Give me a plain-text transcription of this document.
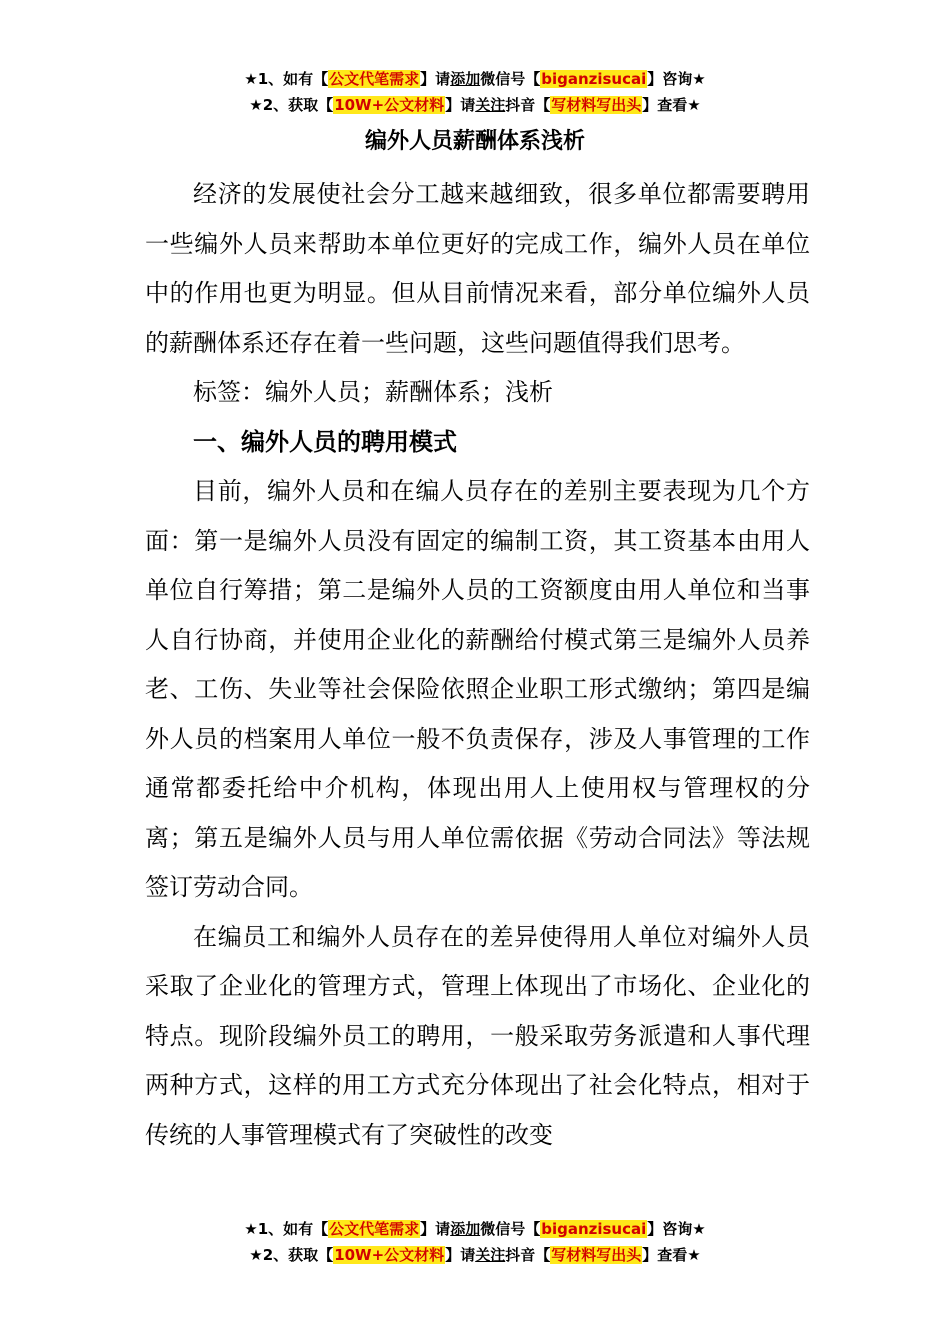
★1、如有【公文代笔需求】请添加微信号【biganzisucai】咨询★
★2、获取【10W+公文材料】请关注抖音【写材料写出头】查看★
编外人员薪酬体系浅析

经济的发展使社会分工越来越细致，很多单位都需要聘用一些编外人员来帮助本单位更好的完成工作，编外人员在单位中的作用也更为明显。但从目前情况来看，部分单位编外人员的薪酬体系还存在着一些问题，这些问题值得我们思考。

标签：编外人员；薪酬体系；浅析

一、编外人员的聘用模式

目前，编外人员和在编人员存在的差别主要表现为几个方面：第一是编外人员没有固定的编制工资，其工资基本由用人单位自行筹措；第二是编外人员的工资额度由用人单位和当事人自行协商，并使用企业化的薪酬给付模式第三是编外人员养老、工伤、失业等社会保险依照企业职工形式缴纳；第四是编外人员的档案用人单位一般不负责保存，涉及人事管理的工作通常都委托给中介机构，体现出用人上使用权与管理权的分离；第五是编外人员与用人单位需依据《劳动合同法》等法规签订劳动合同。

在编员工和编外人员存在的差异使得用人单位对编外人员采取了企业化的管理方式，管理上体现出了市场化、企业化的特点。现阶段编外员工的聘用，一般采取劳务派遣和人事代理两种方式，这样的用工方式充分体现出了社会化特点，相对于传统的人事管理模式有了突破性的改变

★1、如有【公文代笔需求】请添加微信号【biganzisucai】咨询★
★2、获取【10W+公文材料】请关注抖音【写材料写出头】查看★
